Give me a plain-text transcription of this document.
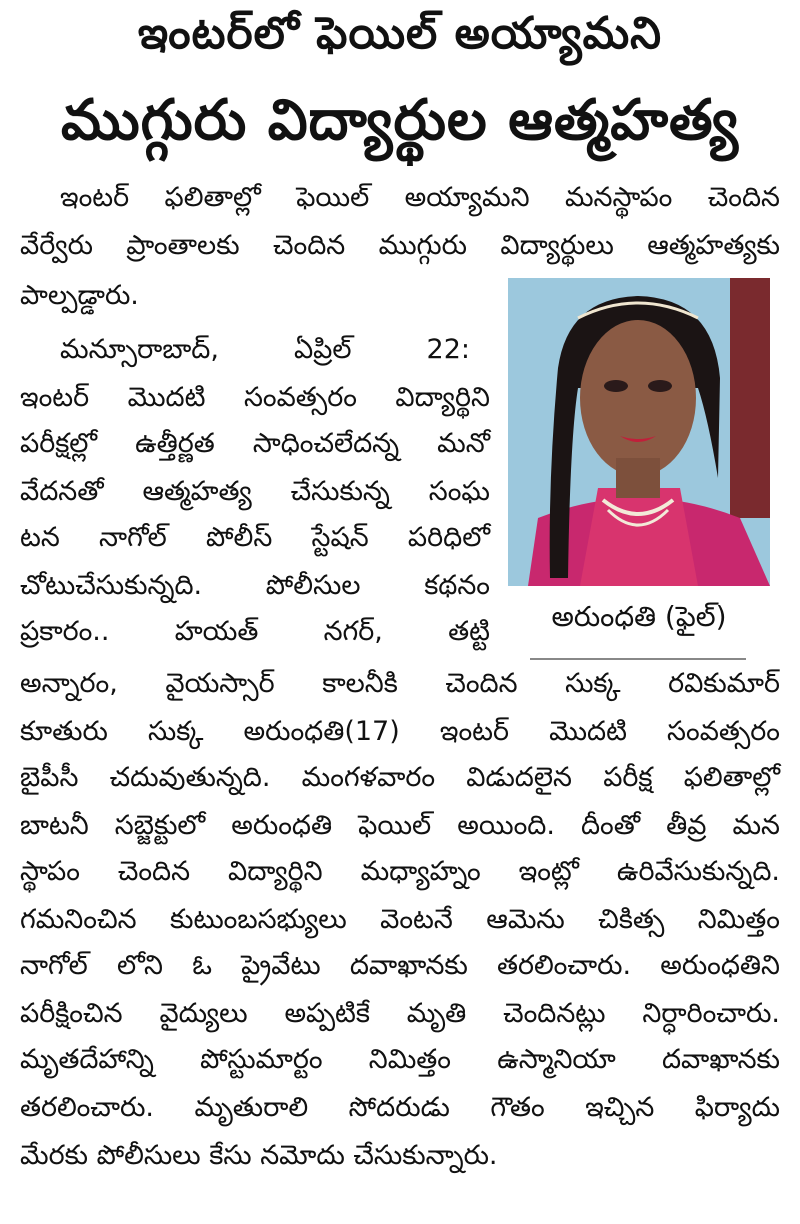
ఇంటర్‌లో ఫెయిల్ అయ్యామని
ముగ్గురు విద్యార్థుల ఆత్మహత్య
ఇంటర్ ఫలితాల్లో ఫెయిల్ అయ్యామని మనస్థాపం చెందిన
వేర్వేరు ప్రాంతాలకు చెందిన ముగ్గురు విద్యార్థులు ఆత్మహత్యకు
పాల్పడ్డారు.
అరుంధతి (ఫైల్)
మన్సూరాబాద్, ఏప్రిల్ 22:
ఇంటర్ మొదటి సంవత్సరం విద్యార్థిని
పరీక్షల్లో ఉత్తీర్ణత సాధించలేదన్న మనో
వేదనతో ఆత్మహత్య చేసుకున్న సంఘ
టన నాగోల్ పోలీస్ స్టేషన్ పరిధిలో
చోటుచేసుకున్నది. పోలీసుల కథనం
ప్రకారం.. హయత్ నగర్, తట్టి
అన్నారం, వైయస్సార్ కాలనీకి చెందిన సుక్క రవికుమార్
కూతురు సుక్క అరుంధతి(17) ఇంటర్ మొదటి సంవత్సరం
బైపీసీ చదువుతున్నది. మంగళవారం విడుదలైన పరీక్ష ఫలితాల్లో
బాటనీ సబ్జెక్టులో అరుంధతి ఫెయిల్ అయింది. దీంతో తీవ్ర మన
స్థాపం చెందిన విద్యార్థిని మధ్యాహ్నం ఇంట్లో ఉరివేసుకున్నది.
గమనించిన కుటుంబసభ్యులు వెంటనే ఆమెను చికిత్స నిమిత్తం
నాగోల్ లోని ఓ ప్రైవేటు దవాఖానకు తరలించారు. అరుంధతిని
పరీక్షించిన వైద్యులు అప్పటికే మృతి చెందినట్లు నిర్ధారించారు.
మృతదేహాన్ని పోస్టుమార్టం నిమిత్తం ఉస్మానియా దవాఖానకు
తరలించారు. మృతురాలి సోదరుడు గౌతం ఇచ్చిన ఫిర్యాదు
మేరకు పోలీసులు కేసు నమోదు చేసుకున్నారు.
